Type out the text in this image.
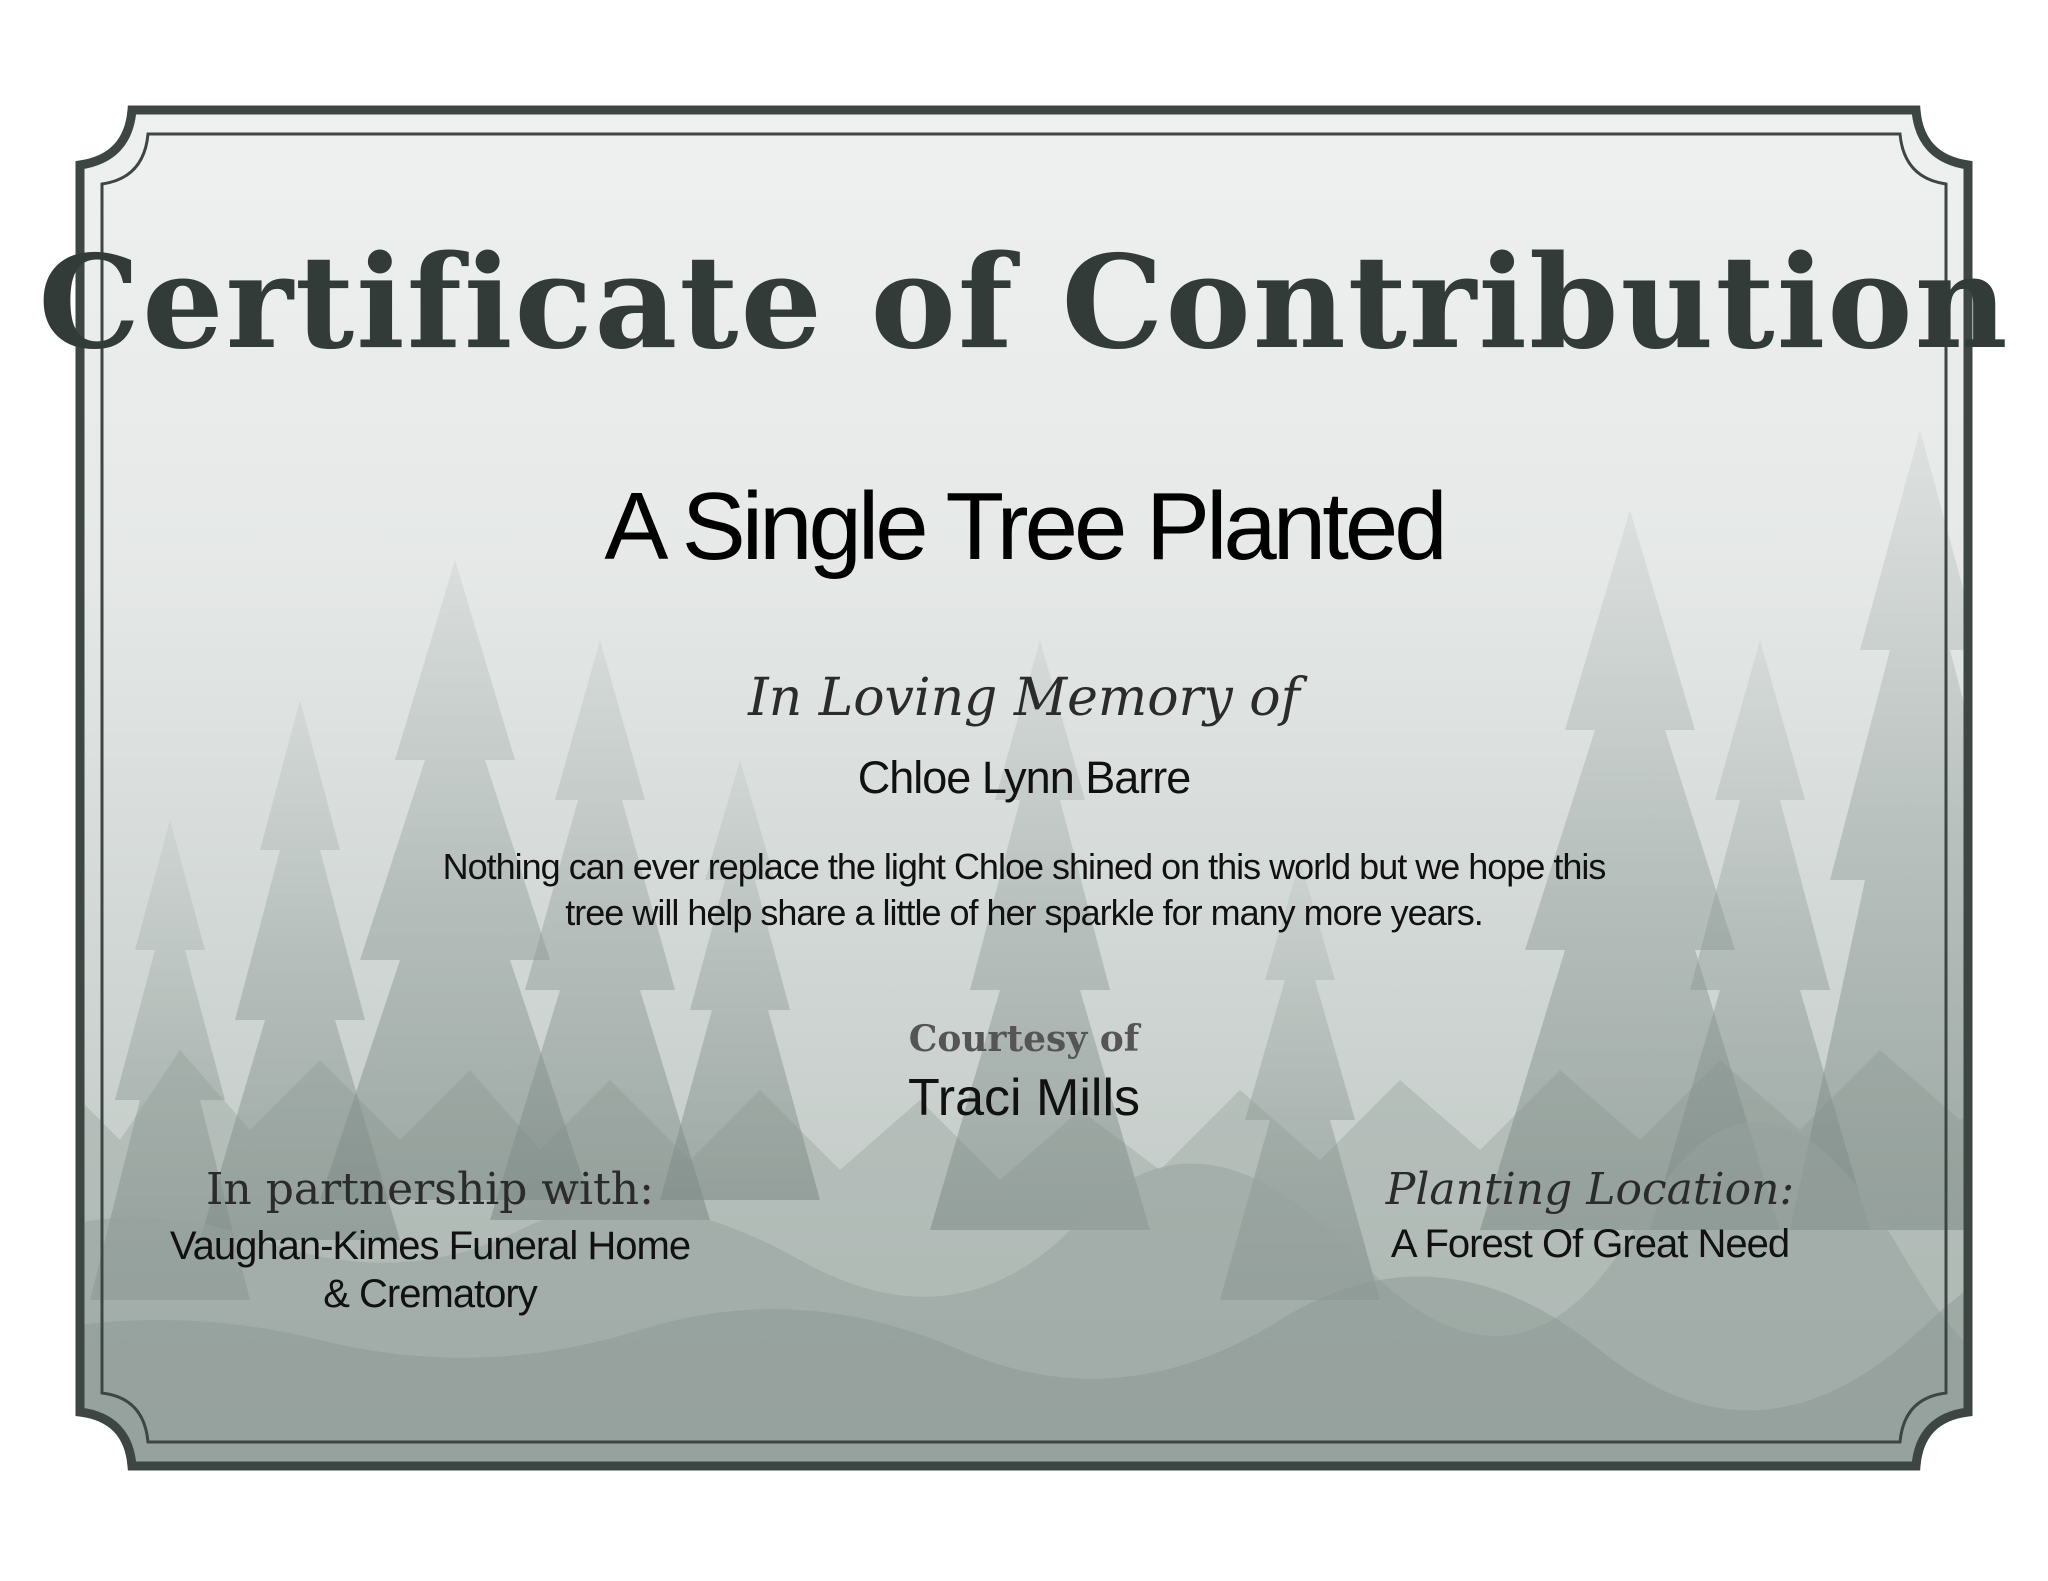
Certificate of Contribution
A Single Tree Planted
In Loving Memory of
Chloe Lynn Barre
Nothing can ever replace the light Chloe shined on this world but we hope this
tree will help share a little of her sparkle for many more years.
Courtesy of
Traci Mills
In partnership with:
Vaughan-Kimes Funeral Home
& Crematory
Planting Location:
A Forest Of Great Need
